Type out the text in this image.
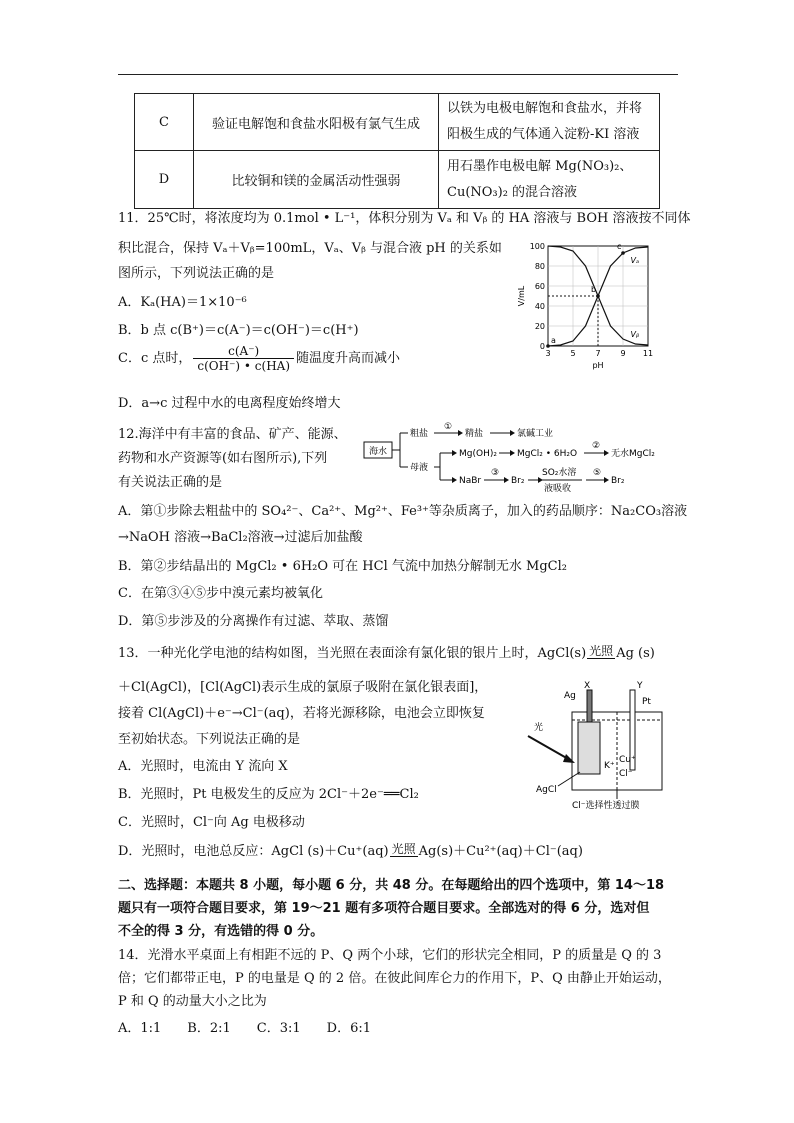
C	验证电解饱和食盐水阳极有氯气生成	以铁为电极电解饱和食盐水，并将
阳极生成的气体通入淀粉-KI 溶液

D	比较铜和镁的金属活动性强弱	用石墨作电极电解 Mg(NO₃)₂、
Cu(NO₃)₂ 的混合溶液
11．25℃时，将浓度均为 0.1mol • L⁻¹，体积分别为 Vₐ 和 Vᵦ 的 HA 溶液与 BOH 溶液按不同体
积比混合，保持 Vₐ＋Vᵦ=100mL，Vₐ、Vᵦ 与混合液 pH 的关系如
图所示，下列说法正确的是
A．Kₐ(HA)＝1×10⁻⁶
B．b 点 c(B⁺)＝c(A⁻)＝c(OH⁻)＝c(H⁺)
C．c 点时， $\frac{c(A^-)}{c(OH^-) • c(HA)}$ 随温度升高而减小
D．a→c 过程中水的电离程度始终增大
0
20
40
60
80
100
3 5 7 9 11
pH
V/mL
Vᵦ
Vₐ
a
b
c
12.海洋中有丰富的食品、矿产、能源、
药物和水产资源等(如右图所示),下列
有关说法正确的是
海水
粗盐
①
精盐	氯碱工业
母液
Mg(OH)₂ MgCl₂ • 6H₂O
②
无水MgCl₂
NaBr
③
Br₂
SO₂水溶
液吸收
⑤
Br₂
A．第①步除去粗盐中的 SO₄²⁻、Ca²⁺、Mg²⁺、Fe³⁺等杂质离子，加入的药品顺序：Na₂CO₃溶液
→NaOH 溶液→BaCl₂溶液→过滤后加盐酸
B．第②步结晶出的 MgCl₂ • 6H₂O 可在 HCl 气流中加热分解制无水 MgCl₂
C．在第③④⑤步中溴元素均被氧化
D．第⑤步涉及的分离操作有过滤、萃取、蒸馏
13．一种光化学电池的结构如图，当光照在表面涂有氯化银的银片上时，AgCl(s) 光照 Ag (s)
＋Cl(AgCl)，[Cl(AgCl)表示生成的氯原子吸附在氯化银表面]，
接着 Cl(AgCl)＋e⁻→Cl⁻(aq)，若将光源移除，电池会立即恢复
至初始状态。下列说法正确的是
A．光照时，电流由 Y 流向 X
B．光照时，Pt 电极发生的反应为 2Cl⁻＋2e⁻══Cl₂
C．光照时，Cl⁻向 Ag 电极移动
D．光照时，电池总反应：AgCl (s)＋Cu⁺(aq) 光照 Ag(s)＋Cu²⁺(aq)＋Cl⁻(aq)
X	Y
Ag
Pt
光
Cu⁺
Cl⁻
K⁺
AgCl
Cl⁻选择性透过膜
二、选择题：本题共 8 小题，每小题 6 分，共 48 分。在每题给出的四个选项中，第 14～18
题只有一项符合题目要求，第 19～21 题有多项符合题目要求。全部选对的得 6 分，选对但
不全的得 3 分，有选错的得 0 分。
14．光滑水平桌面上有相距不远的 P、Q 两个小球，它们的形状完全相同，P 的质量是 Q 的 3
倍；它们都带正电，P 的电量是 Q 的 2 倍。在彼此间库仑力的作用下，P、Q 由静止开始运动，
P 和 Q 的动量大小之比为
A．1:1　　B．2:1　　C．3:1　　D．6:1
